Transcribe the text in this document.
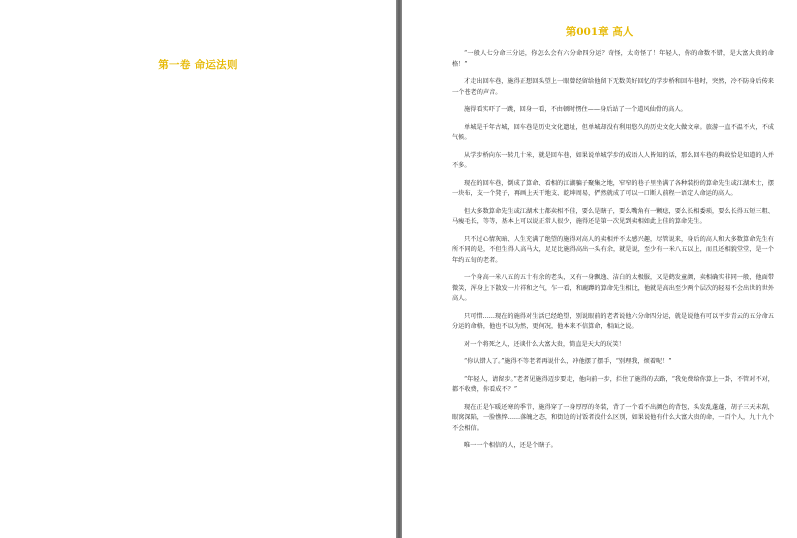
第一卷 命运法则
第001章 高人

“一般人七分命三分运，你怎么会有六分命四分运？奇怪，太奇怪了！年轻人，你的命数不错，是大富大贵的命格！”

才走出回车巷，施得正想回头望上一眼曾经留给他留下无数美好回忆的学步桥和回车巷时，突然，冷不防身后传来一个苍老的声音。

施得看实吓了一跳，回身一看，不由顿时愣住——身后站了一个道风仙骨的高人。

单城是千年古城，回车巷是历史文化遗址，但单城却没有利用悠久的历史文化大做文章。旅游一直不温不火，不成气候。

从学步桥向东一转几十米，就是回车巷，如果说单城学步的成语人人皆知的话，那么回车巷的典故恰是知道的人并不多。

现在的回车巷，倒成了算命、看相的江湖骗子聚集之地，窄窄的巷子里坐满了各种装扮的算命先生或江湖术士，摆一块布，支一个凳子，再画上天干地支、乾坤周易，俨然就成了可以一口断人前程一语定人命运的高人。

但大多数算命先生或江湖术士都卖相不佳，要么是瞎子，要么嘴角有一颗痣，要么长相委琐，要么长得五短三粗、马瘦毛长，等等，基本上可以说正常人很少，施得还是第一次见到卖相如此上佳的算命先生。

只不过心情灰暗、人生充满了绝望的施得对高人的卖相并不太感兴趣，尽管说来，身后的高人和大多数算命先生有所不同的是，不但生得人高马大，足足比施得高出一头有余，就是说，至少有一米八五以上，而且还相貌堂堂，是一个年约五旬的老者。

一个身高一米八五的五十有余的老头，又有一身飘逸、洁白的太极服，又是鹤发童颜，卖相确实非同一般，他面带微笑，浑身上下散发一片祥和之气，乍一看，和鹿蹲的算命先生相比，他就是高出至少两个层次的轻易不会出世的世外高人。

只可惜……现在的施得对生活已经绝望，别说眼前的老者说他六分命四分运，就是说他有可以平步青云的五分命五分运的命格，他也不以为然，更何况，他本来不信算命，相面之说。

对一个将死之人，还谈什么大富大贵，简直是天大的玩笑！

“你认错人了。”施得不等老者再说什么，冲他摆了摆手，“别理我，烦着呢！”

“年轻人，请留步。”老者见施得迈步要走，他向前一步，拦住了施得的去路，“我免费给你算上一卦，不管对不对，都不收费，你看成不？”

现在正是乍暖还寒的季节，施得穿了一身厚厚的冬装，背了一个看不出颜色的背包，头发乱蓬蓬，胡子三天未刮，眼窝深陷，一脸憔悴……落魄之态，和街边的讨饭者没什么区别，如果说他有什么大富大贵的命，一百个人，九十九个不会相信。

唯一一个相信的人，还是个瞎子。
